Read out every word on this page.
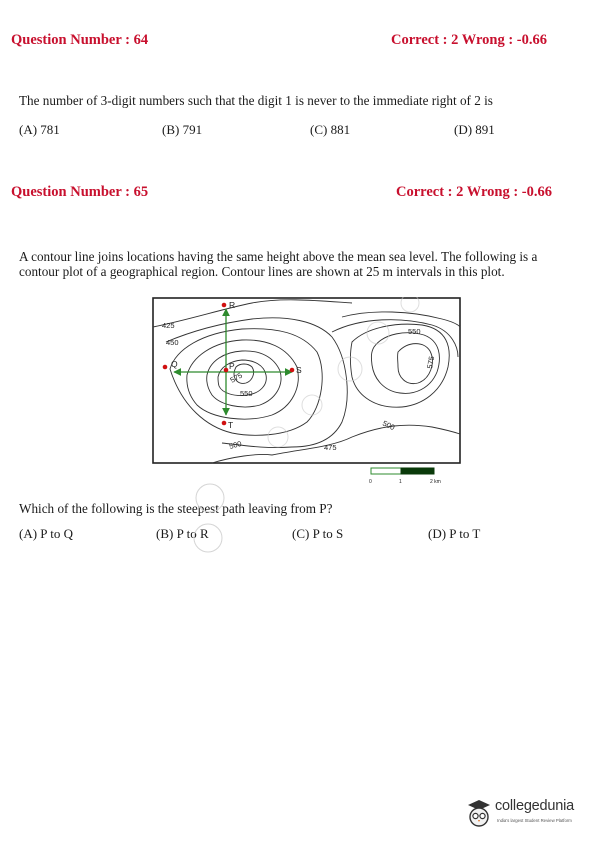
Question Number : 64	Correct : 2 Wrong : -0.66
The number of 3-digit numbers such that the digit 1 is never to the immediate right of 2 is
(A) 781	(B) 791	(C) 881	(D) 891
Question Number : 65	Correct : 2 Wrong : -0.66
A contour line joins locations having the same height above the mean sea level. The following is a
contour plot of a geographical region. Contour lines are shown at 25 m intervals in this plot.
P
Q
R
S
T
425
450
575
550
500	475
500
550
575
0	1	2 km
Which of the following is the steepest path leaving from P?
(A) P to Q	(B) P to R	(C) P to S	(D) P to T
collegedunia
India's largest Student Review Platform
